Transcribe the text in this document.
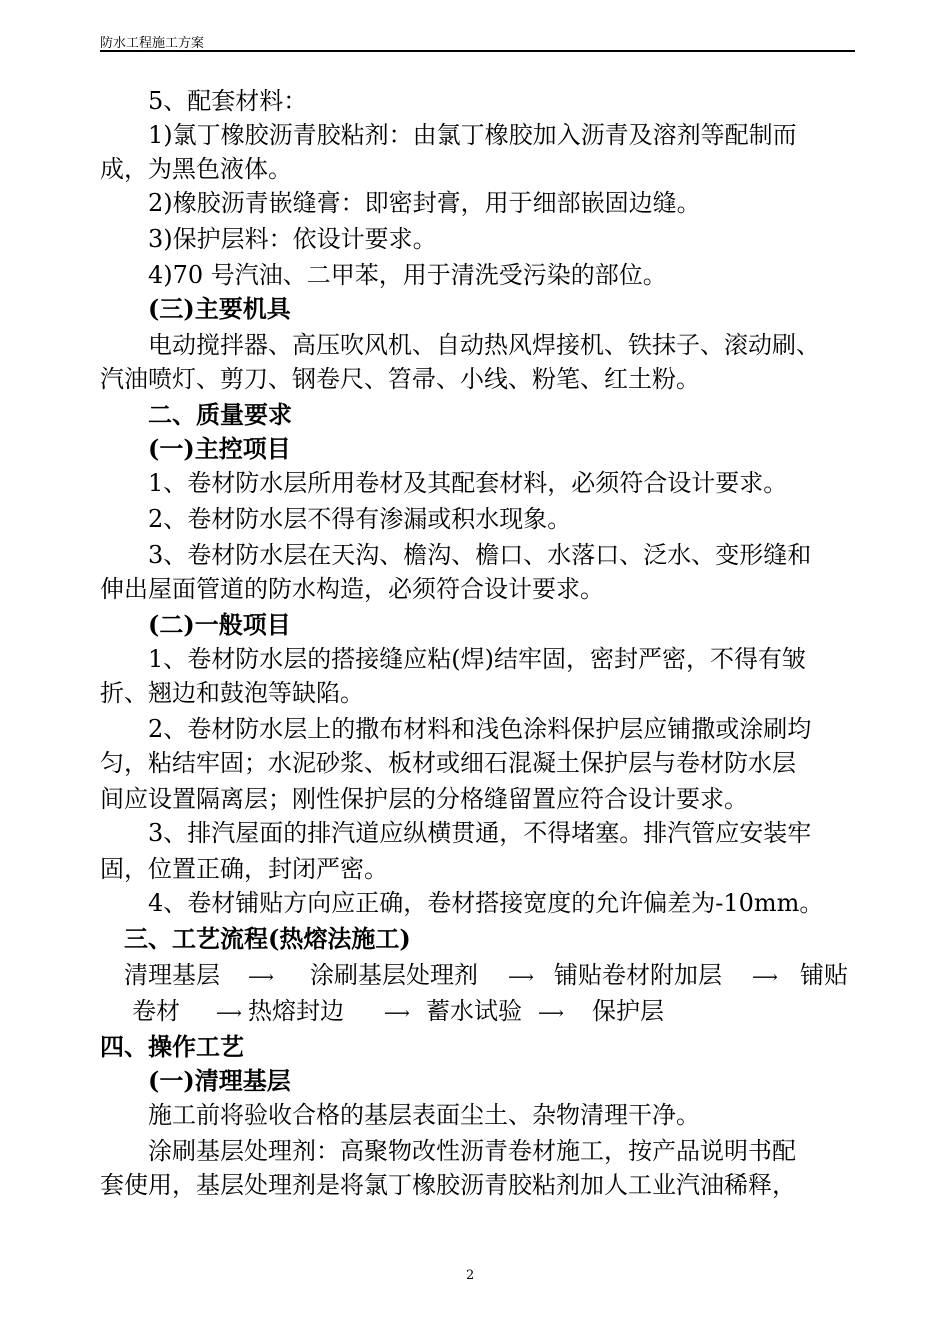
防水工程施工方案
5、配套材料：
1)氯丁橡胶沥青胶粘剂：由氯丁橡胶加入沥青及溶剂等配制而
成，为黑色液体。
2)橡胶沥青嵌缝膏：即密封膏，用于细部嵌固边缝。
3)保护层料：依设计要求。
4)70 号汽油、二甲苯，用于清洗受污染的部位。
(三)主要机具
电动搅拌器、高压吹风机、自动热风焊接机、铁抹子、滚动刷、
汽油喷灯、剪刀、钢卷尺、笤帚、小线、粉笔、红土粉。
二、质量要求
(一)主控项目
1、卷材防水层所用卷材及其配套材料，必须符合设计要求。
2、卷材防水层不得有渗漏或积水现象。
3、卷材防水层在天沟、檐沟、檐口、水落口、泛水、变形缝和
伸出屋面管道的防水构造，必须符合设计要求。
(二)一般项目
1、卷材防水层的搭接缝应粘(焊)结牢固，密封严密，不得有皱
折、翘边和鼓泡等缺陷。
2、卷材防水层上的撒布材料和浅色涂料保护层应铺撒或涂刷均
匀，粘结牢固；水泥砂浆、板材或细石混凝土保护层与卷材防水层
间应设置隔离层；刚性保护层的分格缝留置应符合设计要求。
3、排汽屋面的排汽道应纵横贯通，不得堵塞。排汽管应安装牢
固，位置正确，封闭严密。
4、卷材铺贴方向应正确，卷材搭接宽度的允许偏差为-10mm。
三、工艺流程(热熔法施工)
清理基层 ⟶ 涂刷基层处理剂 ⟶ 铺贴卷材附加层 ⟶ 铺贴
卷材 ⟶ 热熔封边 ⟶ 蓄水试验 ⟶ 保护层
四、操作工艺
(一)清理基层
施工前将验收合格的基层表面尘土、杂物清理干净。
涂刷基层处理剂：高聚物改性沥青卷材施工，按产品说明书配
套使用，基层处理剂是将氯丁橡胶沥青胶粘剂加人工业汽油稀释，
2
